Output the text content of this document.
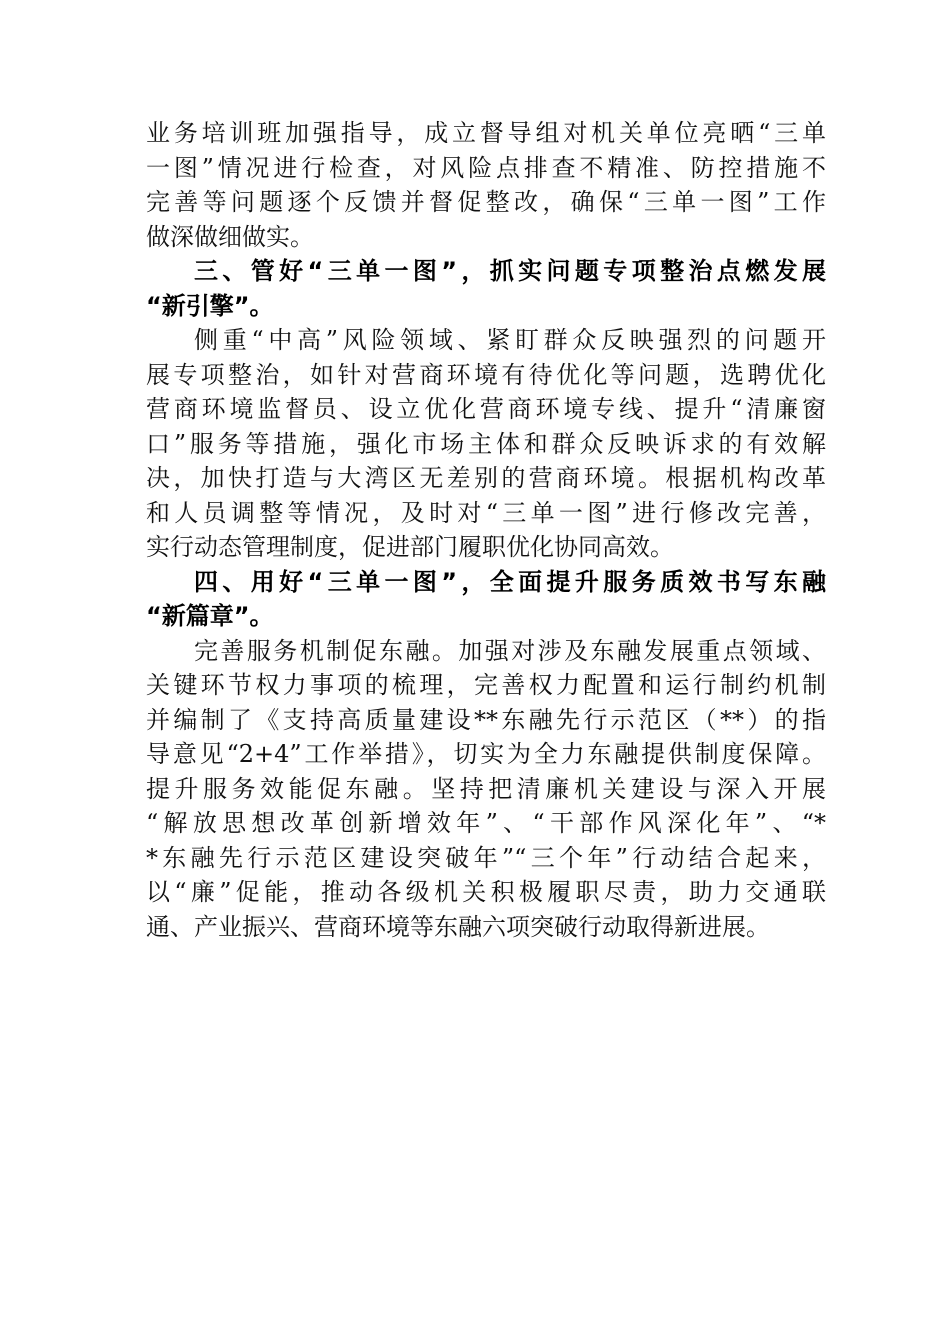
业务培训班加强指导，成立督导组对机关单位亮晒“三单
一图”情况进行检查，对风险点排查不精准、防控措施不
完善等问题逐个反馈并督促整改，确保“三单一图”工作
做深做细做实。
三、管好“三单一图”，抓实问题专项整治点燃发展
“新引擎”。
侧重“中高”风险领域、紧盯群众反映强烈的问题开
展专项整治，如针对营商环境有待优化等问题，选聘优化
营商环境监督员、设立优化营商环境专线、提升“清廉窗
口”服务等措施，强化市场主体和群众反映诉求的有效解
决，加快打造与大湾区无差别的营商环境。根据机构改革
和人员调整等情况，及时对“三单一图”进行修改完善，
实行动态管理制度，促进部门履职优化协同高效。
四、用好“三单一图”，全面提升服务质效书写东融
“新篇章”。
完善服务机制促东融。加强对涉及东融发展重点领域、
关键环节权力事项的梳理，完善权力配置和运行制约机制
并编制了《支持高质量建设**东融先行示范区（**）的指
导意见“2+4”工作举措》，切实为全力东融提供制度保障。
提升服务效能促东融。坚持把清廉机关建设与深入开展
“解放思想改革创新增效年”、“干部作风深化年”、“*
*东融先行示范区建设突破年”“三个年”行动结合起来，
以“廉”促能，推动各级机关积极履职尽责，助力交通联
通、产业振兴、营商环境等东融六项突破行动取得新进展。
